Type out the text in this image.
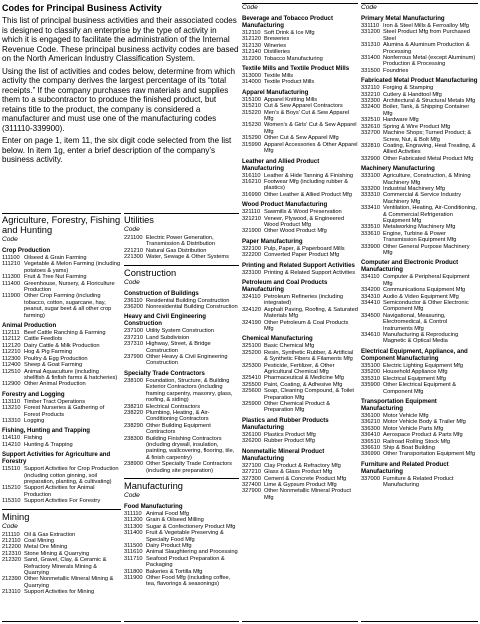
Codes for Principal Business Activity

This list of principal business activities and their associated codes is designed to classify an enterprise by the type of activity in which it is engaged to facilitate the administration of the Internal Revenue Code. These principal business activity codes are based on the North American Industry Classification System.

Using the list of activities and codes below, determine from which activity the company derives the largest percentage of its “total receipts.” If the company purchases raw materials and supplies them to a subcontractor to produce the finished product, but retains title to the product, the company is considered a manufacturer and must use one of the manufacturing codes (311110-339900).

Enter on page 1, item 11, the six digit code selected from the list below. In item 1g, enter a brief description of the company’s business activity.

Agriculture, Forestry, Fishing and Hunting
Code
Crop Production
111100 Oilseed & Grain Farming
111210 Vegetable & Melon Farming (including potatoes & yams)
111300 Fruit & Tree Nut Farming
111400 Greenhouse, Nursery, & Floriculture Production
111900 Other Crop Farming (including tobacco, cotton, sugarcane, hay, peanut, sugar beet & all other crop farming)
Animal Production
112111 Beef Cattle Ranching & Farming
112112 Cattle Feedlots
112120 Dairy Cattle & Milk Production
112210 Hog & Pig Farming
112300 Poultry & Egg Production
112400 Sheep & Goat Farming
112510 Animal Aquaculture (including shellfish & finfish farms & hatcheries)
112900 Other Animal Production
Forestry and Logging
113110 Timber Tract Operations
113210 Forest Nurseries & Gathering of Forest Products
113310 Logging
Fishing, Hunting and Trapping
114110 Fishing
114210 Hunting & Trapping
Support Activities for Agriculture and Forestry
115110 Support Activities for Crop Production (including cotton ginning, soil preparation, planting, & cultivating)
115210 Support Activities for Animal Production
115310 Support Activities For Forestry
Mining
Code
211110 Oil & Gas Extraction
212110 Coal Mining
212200 Metal Ore Mining
212310 Stone Mining & Quarrying
212320 Sand, Gravel, Clay, & Ceramic & Refractory Minerals Mining & Quarrying
212390 Other Nonmetallic Mineral Mining & Quarrying
213110 Support Activities for Mining
Utilities
Code
221100 Electric Power Generation, Transmission & Distribution
221210 Natural Gas Distribution
221300 Water, Sewage & Other Systems
Construction
Code
Construction of Buildings
236110 Residential Building Construction
236200 Nonresidential Building Construction
Heavy and Civil Engineering Construction
237100 Utility System Construction
237210 Land Subdivision
237310 Highway, Street, & Bridge Construction
237990 Other Heavy & Civil Engineering Construction
Specialty Trade Contractors
238100 Foundation, Structure, & Building Exterior Contractors (including framing carpentry, masonry, glass, roofing, & siding)
238210 Electrical Contractors
238220 Plumbing, Heating, & Air-Conditioning Contractors
238290 Other Building Equipment Contractors
238300 Building Finishing Contractors (including drywall, insulation, painting, wallcovering, flooring, tile, & finish carpentry)
238900 Other Specialty Trade Contractors (including site preparation)
Manufacturing
Code
Food Manufacturing
311110 Animal Food Mfg
311200 Grain & Oilseed Milling
311300 Sugar & Confectionery Product Mfg
311400 Fruit & Vegetable Preserving & Specialty Food Mfg
311500 Dairy Product Mfg
311610 Animal Slaughtering and Processing
311710 Seafood Product Preparation & Packaging
311800 Bakeries & Tortilla Mfg
311900 Other Food Mfg (including coffee, tea, flavorings & seasonings)
Code
Beverage and Tobacco Product Manufacturing
312110 Soft Drink & Ice Mfg
312120 Breweries
312130 Wineries
312140 Distilleries
312200 Tobacco Manufacturing
Textile Mills and Textile Product Mills
313000 Textile Mills
314000 Textile Product Mills
Apparel Manufacturing
315100 Apparel Knitting Mills
315210 Cut & Sew Apparel Contractors
315220 Men’s & Boys’ Cut & Sew Apparel Mfg
315230 Women’s & Girls’ Cut & Sew Apparel Mfg
315290 Other Cut & Sew Apparel Mfg
315990 Apparel Accessories & Other Apparel Mfg
Leather and Allied Product Manufacturing
316110 Leather & Hide Tanning & Finishing
316210 Footwear Mfg (including rubber & plastics)
316990 Other Leather & Allied Product Mfg
Wood Product Manufacturing
321110 Sawmills & Wood Preservation
321210 Veneer, Plywood, & Engineered Wood Product Mfg
321900 Other Wood Product Mfg
Paper Manufacturing
322100 Pulp, Paper, & Paperboard Mills
322200 Converted Paper Product Mfg
Printing and Related Support Activities
323100 Printing & Related Support Activities
Petroleum and Coal Products Manufacturing
324110 Petroleum Refineries (including integrated)
324120 Asphalt Paving, Roofing, & Saturated Materials Mfg
324190 Other Petroleum & Coal Products Mfg
Chemical Manufacturing
325100 Basic Chemical Mfg
325200 Resin, Synthetic Rubber, & Artificial & Synthetic Fibers & Filaments Mfg
325300 Pesticide, Fertilizer, & Other Agricultural Chemical Mfg
325410 Pharmaceutical & Medicine Mfg
325500 Paint, Coating, & Adhesive Mfg
325600 Soap, Cleaning Compound, & Toilet Preparation Mfg
325900 Other Chemical Product & Preparation Mfg
Plastics and Rubber Products Manufacturing
326100 Plastics Product Mfg
326200 Rubber Product Mfg
Nonmetallic Mineral Product Manufacturing
327100 Clay Product & Refractory Mfg
327210 Glass & Glass Product Mfg
327300 Cement & Concrete Product Mfg
327400 Lime & Gypsum Product Mfg
327900 Other Nonmetallic Mineral Product Mfg
Code
Primary Metal Manufacturing
331110 Iron & Steel Mills & Ferroalloy Mfg
331200 Steel Product Mfg from Purchased Steel
331310 Alumina & Aluminum Production & Processing
331400 Nonferrous Metal (except Aluminum) Production & Processing
331500 Foundries
Fabricated Metal Product Manufacturing
332110 Forging & Stamping
332210 Cutlery & Handtool Mfg
332300 Architectural & Structural Metals Mfg
332400 Boiler, Tank, & Shipping Container Mfg
332510 Hardware Mfg
332610 Spring & Wire Product Mfg
332700 Machine Shops; Turned Product; & Screw, Nut, & Bolt Mfg
332810 Coating, Engraving, Heat Treating, & Allied Activities
332900 Other Fabricated Metal Product Mfg
Machinery Manufacturing
333100 Agriculture, Construction, & Mining Machinery Mfg
333200 Industrial Machinery Mfg
333310 Commercial & Service Industry Machinery Mfg
333410 Ventilation, Heating, Air-Conditioning, & Commercial Refrigeration Equipment Mfg
333510 Metalworking Machinery Mfg
333610 Engine, Turbine & Power Transmission Equipment Mfg
333900 Other General Purpose Machinery Mfg
Computer and Electronic Product Manufacturing
334110 Computer & Peripheral Equipment Mfg
334200 Communications Equipment Mfg
334310 Audio & Video Equipment Mfg
334410 Semiconductor & Other Electronic Component Mfg
334500 Navigational, Measuring, Electromedical, & Control Instruments Mfg
334610 Manufacturing & Reproducing Magnetic & Optical Media
Electrical Equipment, Appliance, and Component Manufacturing
335100 Electric Lighting Equipment Mfg
335200 Household Appliance Mfg
335310 Electrical Equipment Mfg
335900 Other Electrical Equipment & Component Mfg
Transportation Equipment Manufacturing
336100 Motor Vehicle Mfg
336210 Motor Vehicle Body & Trailer Mfg
336300 Motor Vehicle Parts Mfg
336410 Aerospace Product & Parts Mfg
336510 Railroad Rolling Stock Mfg
336610 Ship & Boat Building
336990 Other Transportation Equipment Mfg
Furniture and Related Product Manufacturing
337000 Furniture & Related Product Manufacturing
